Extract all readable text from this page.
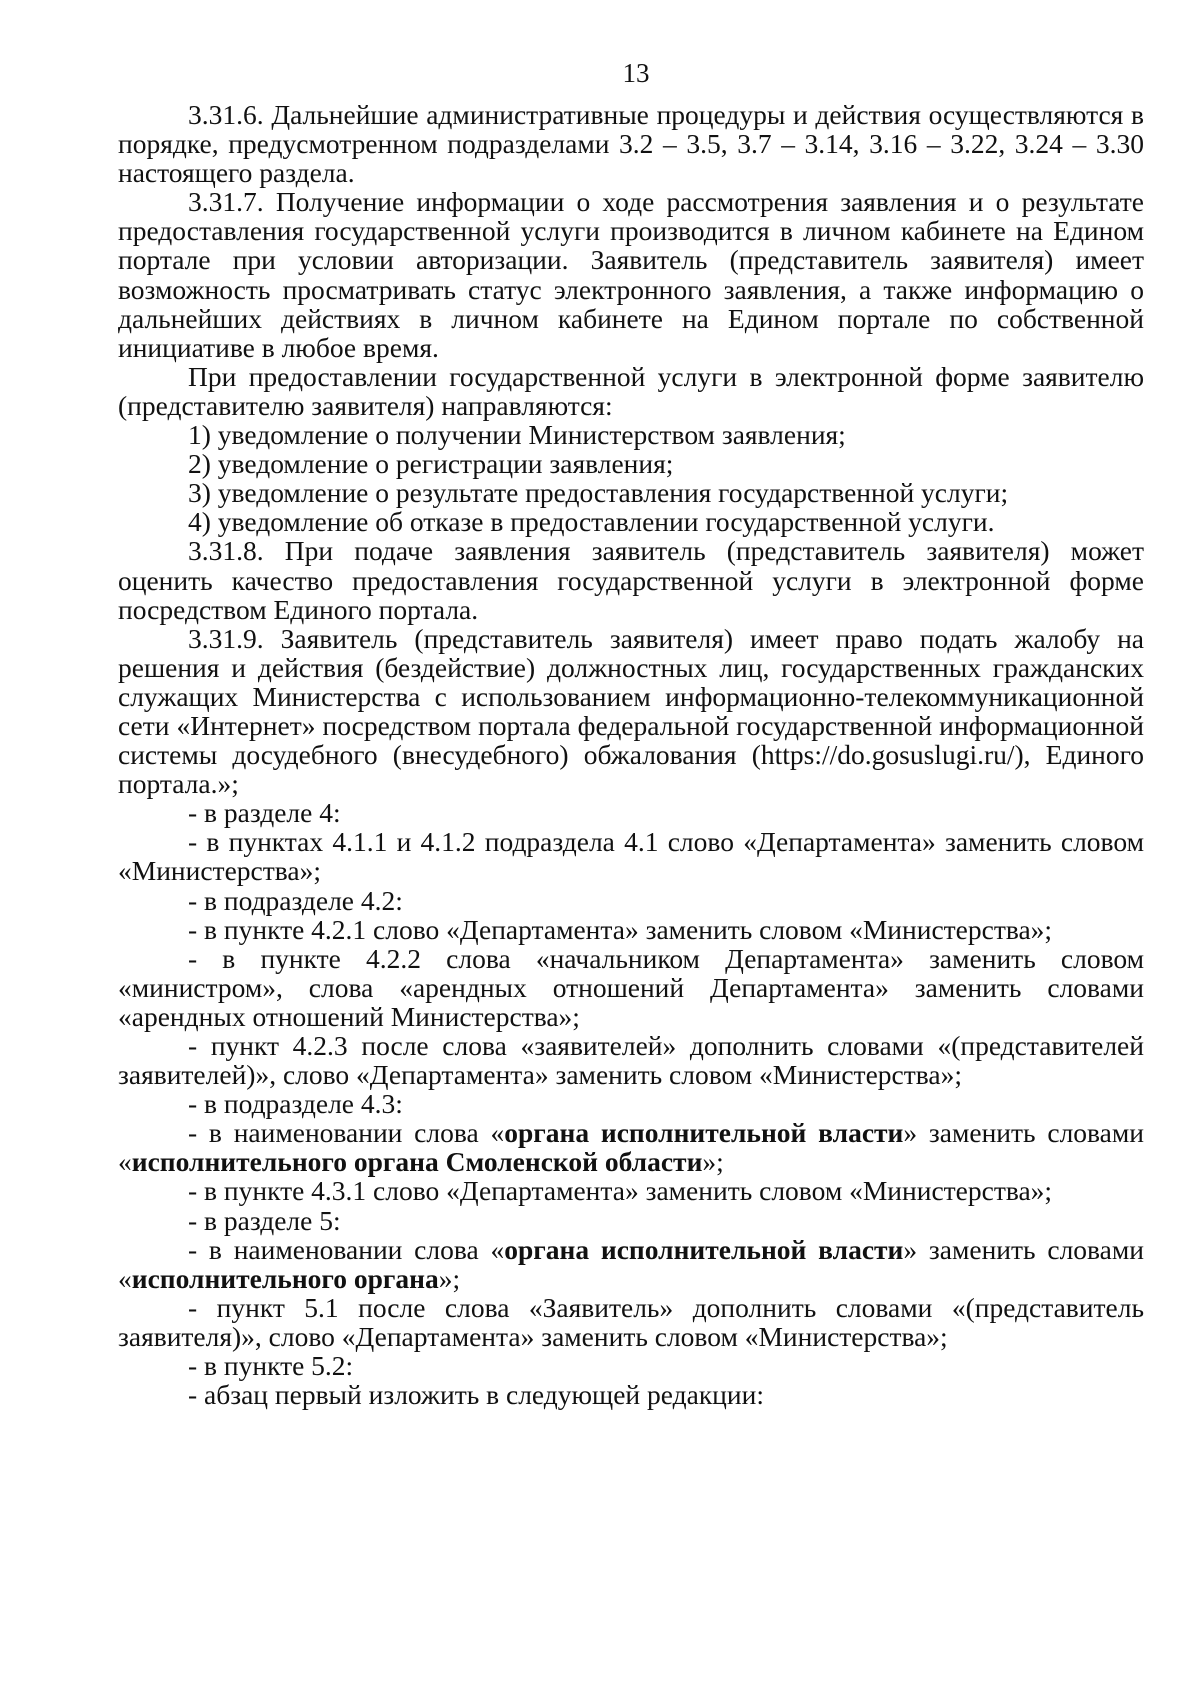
13

3.31.6. Дальнейшие административные процедуры и действия осуществляются в порядке, предусмотренном подразделами 3.2 – 3.5, 3.7 – 3.14, 3.16 – 3.22, 3.24 – 3.30 настоящего раздела.

3.31.7. Получение информации о ходе рассмотрения заявления и о результате предоставления государственной услуги производится в личном кабинете на Едином портале при условии авторизации. Заявитель (представитель заявителя) имеет возможность просматривать статус электронного заявления, а также информацию о дальнейших действиях в личном кабинете на Едином портале по собственной инициативе в любое время.

При предоставлении государственной услуги в электронной форме заявителю (представителю заявителя) направляются:

1) уведомление о получении Министерством заявления;

2) уведомление о регистрации заявления;

3) уведомление о результате предоставления государственной услуги;

4) уведомление об отказе в предоставлении государственной услуги.

3.31.8. При подаче заявления заявитель (представитель заявителя) может оценить качество предоставления государственной услуги в электронной форме посредством Единого портала.

3.31.9. Заявитель (представитель заявителя) имеет право подать жалобу на решения и действия (бездействие) должностных лиц, государственных гражданских служащих Министерства с использованием информационно-телекоммуникационной сети «Интернет» посредством портала федеральной государственной информационной системы досудебного (внесудебного) обжалования (https://do.gosuslugi.ru/), Единого портала.»;

- в разделе 4:

- в пунктах 4.1.1 и 4.1.2 подраздела 4.1 слово «Департамента» заменить словом «Министерства»;

- в подразделе 4.2:

- в пункте 4.2.1 слово «Департамента» заменить словом «Министерства»;

- в пункте 4.2.2 слова «начальником Департамента» заменить словом «министром», слова «арендных отношений Департамента» заменить словами «арендных отношений Министерства»;

- пункт 4.2.3 после слова «заявителей» дополнить словами «(представителей заявителей)», слово «Департамента» заменить словом «Министерства»;

- в подразделе 4.3:

- в наименовании слова «органа исполнительной власти» заменить словами «исполнительного органа Смоленской области»;

- в пункте 4.3.1 слово «Департамента» заменить словом «Министерства»;

- в разделе 5:

- в наименовании слова «органа исполнительной власти» заменить словами «исполнительного органа»;

- пункт 5.1 после слова «Заявитель» дополнить словами «(представитель заявителя)», слово «Департамента» заменить словом «Министерства»;

- в пункте 5.2:

- абзац первый изложить в следующей редакции:
